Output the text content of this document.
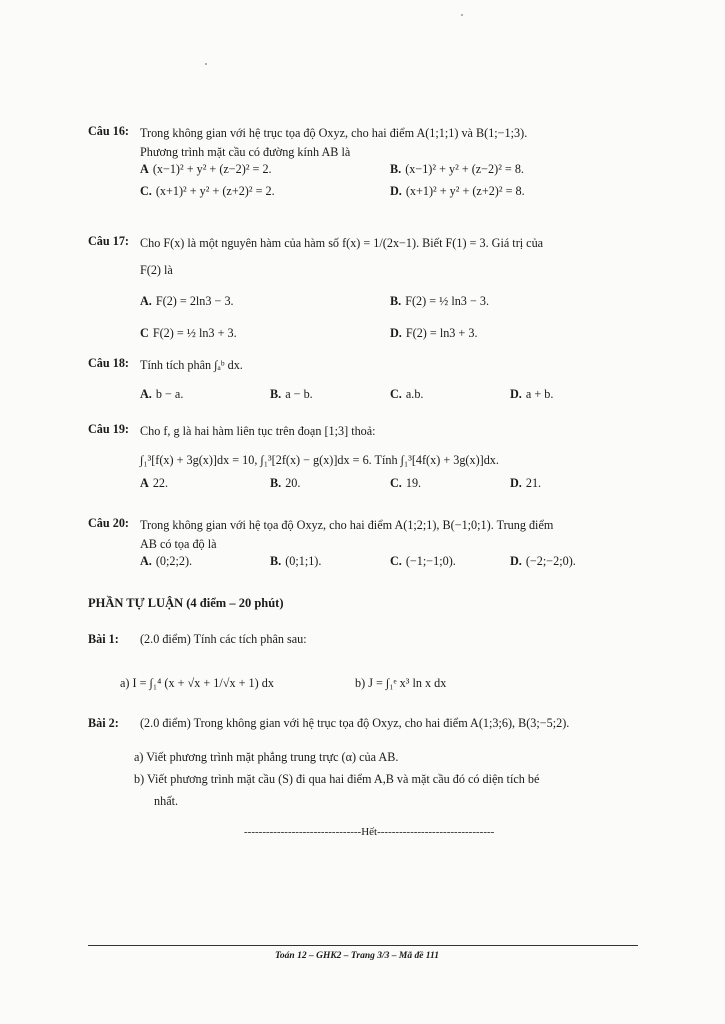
Câu 16: Trong không gian với hệ trục tọa độ Oxyz, cho hai điểm A(1;1;1) và B(1;−1;3).
Phương trình mặt cầu có đường kính AB là
A (x−1)² + y² + (z−2)² = 2.	B. (x−1)² + y² + (z−2)² = 8.
C. (x+1)² + y² + (z+2)² = 2.	D. (x+1)² + y² + (z+2)² = 8.
Câu 17: Cho F(x) là một nguyên hàm của hàm số f(x) = 1/(2x−1). Biết F(1) = 3. Giá trị của
F(2) là
A. F(2) = 2ln3 − 3.	B. F(2) = ½ ln3 − 3.
C F(2) = ½ ln3 + 3.	D. F(2) = ln3 + 3.
Câu 18: Tính tích phân ∫ₐᵇ dx.
A. b − a.	B. a − b.	C. a.b.	D. a + b.
Câu 19: Cho f, g là hai hàm liên tục trên đoạn [1;3] thoả:
∫₁³[f(x) + 3g(x)]dx = 10, ∫₁³[2f(x) − g(x)]dx = 6. Tính ∫₁³[4f(x) + 3g(x)]dx.
A 22.	B. 20.	C. 19.	D. 21.
Câu 20: Trong không gian với hệ tọa độ Oxyz, cho hai điểm A(1;2;1), B(−1;0;1). Trung điểm
AB có tọa độ là
A. (0;2;2).	B. (0;1;1).	C. (−1;−1;0).	D. (−2;−2;0).
PHẦN TỰ LUẬN (4 điểm – 20 phút)
Bài 1: (2.0 điểm) Tính các tích phân sau:
a) I = ∫₁⁴ (x + √x + 1/√x + 1) dx	b) J = ∫₁ᵉ x³ ln x dx
Bài 2: (2.0 điểm) Trong không gian với hệ trục tọa độ Oxyz, cho hai điểm A(1;3;6), B(3;−5;2).
a) Viết phương trình mặt phẳng trung trực (α) của AB.
b) Viết phương trình mặt cầu (S) đi qua hai điểm A,B và mặt cầu đó có diện tích bé
nhất.
--------------------------------Hết--------------------------------
Toán 12 – GHK2 – Trang 3/3 – Mã đề 111
